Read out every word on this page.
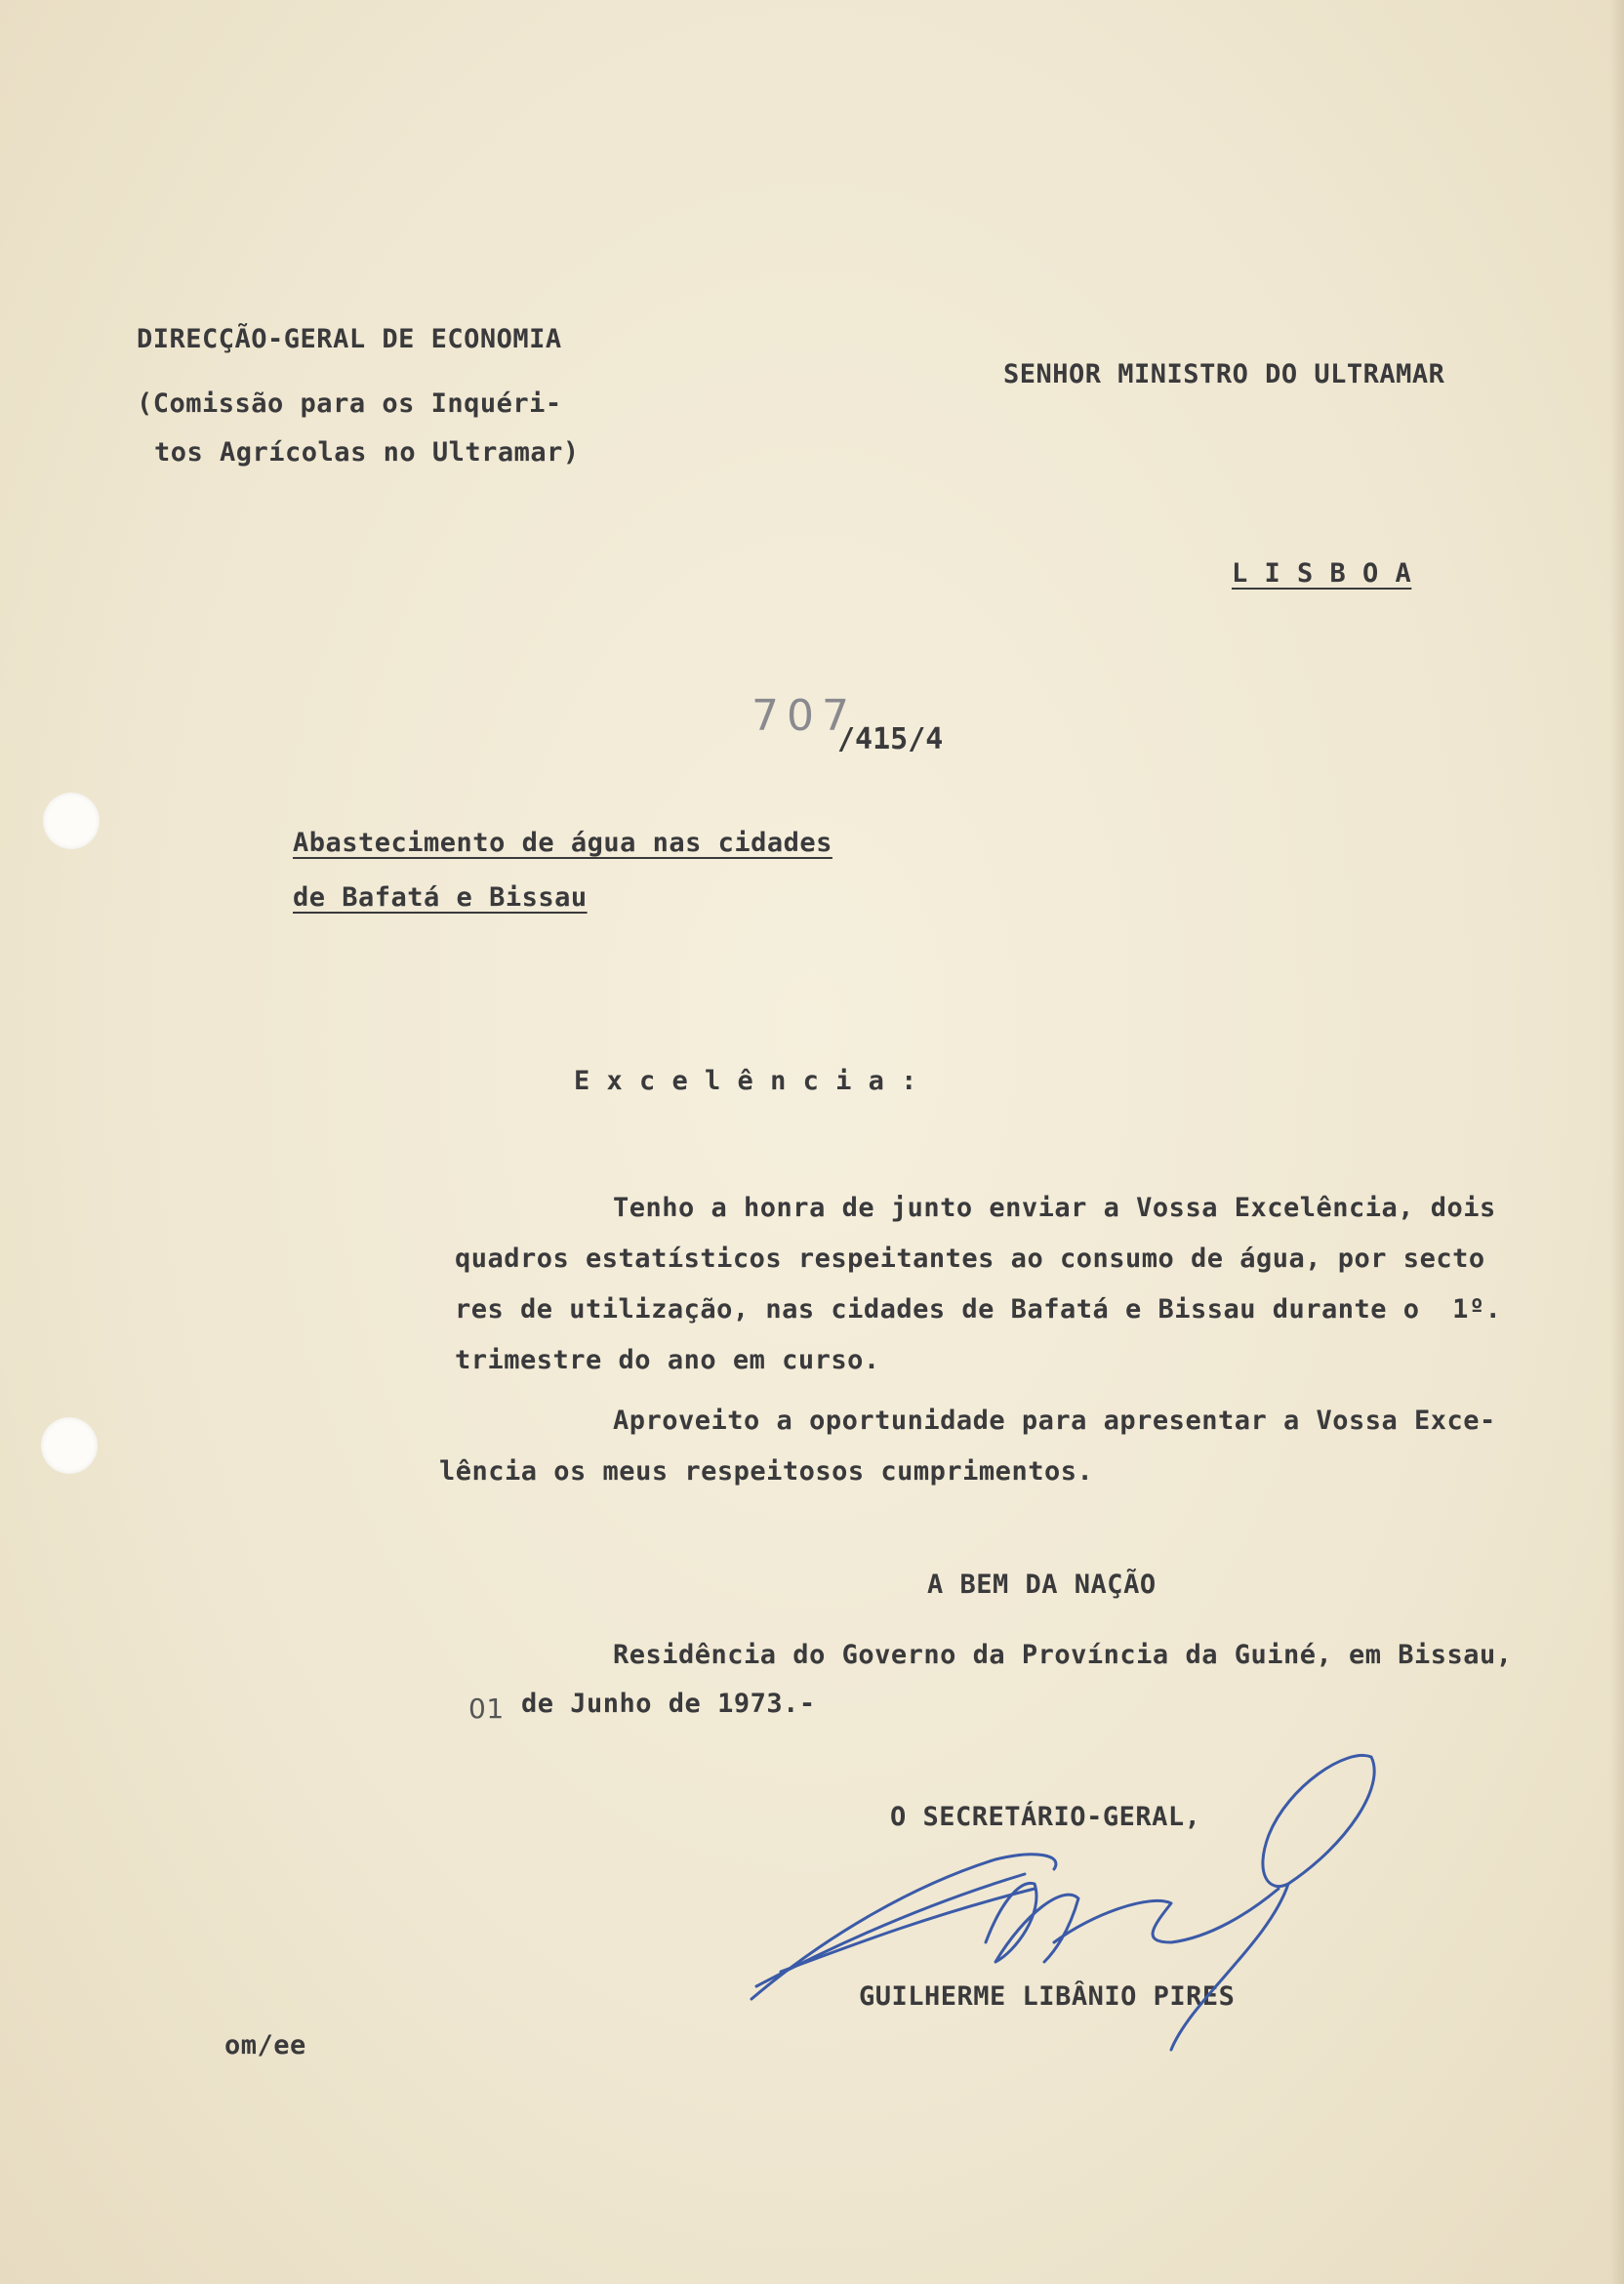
DIRECÇÃO-GERAL DE ECONOMIA
(Comissão para os Inquéri-
tos Agrícolas no Ultramar)
SENHOR MINISTRO DO ULTRAMAR
L I S B O A
707
/415/4
Abastecimento de água nas cidades
de Bafatá e Bissau
E x c e l ê n c i a :
Tenho a honra de junto enviar a Vossa Excelência, dois
quadros estatísticos respeitantes ao consumo de água, por secto
res de utilização, nas cidades de Bafatá e Bissau durante o  1º.
trimestre do ano em curso.
Aproveito a oportunidade para apresentar a Vossa Exce-
lência os meus respeitosos cumprimentos.
A BEM DA NAÇÃO
Residência do Governo da Província da Guiné, em Bissau,
01 de Junho de 1973.-
O SECRETÁRIO-GERAL,
GUILHERME LIBÂNIO PIRES
om/ee
